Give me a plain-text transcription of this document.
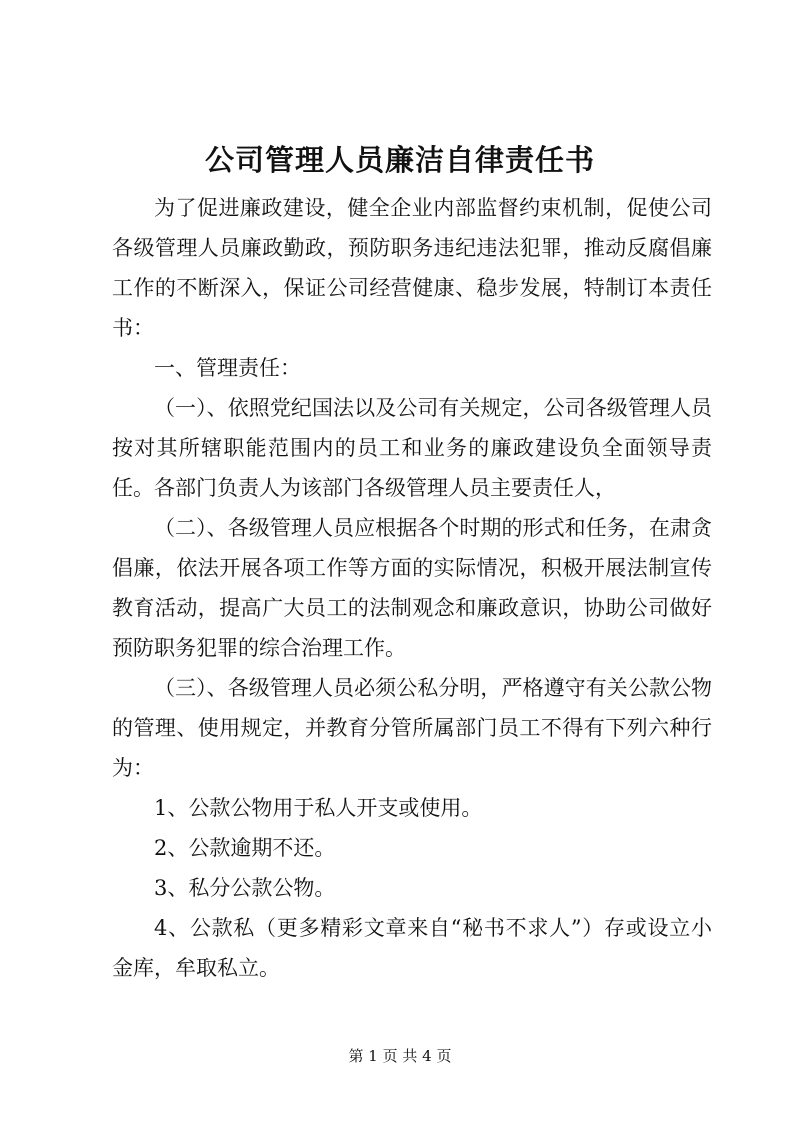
公司管理人员廉洁自律责任书

为了促进廉政建设，健全企业内部监督约束机制，促使公司各级管理人员廉政勤政，预防职务违纪违法犯罪，推动反腐倡廉工作的不断深入，保证公司经营健康、稳步发展，特制订本责任书：

一、管理责任：

（一）、依照党纪国法以及公司有关规定，公司各级管理人员按对其所辖职能范围内的员工和业务的廉政建设负全面领导责任。各部门负责人为该部门各级管理人员主要责任人，

（二）、各级管理人员应根据各个时期的形式和任务，在肃贪倡廉，依法开展各项工作等方面的实际情况，积极开展法制宣传教育活动，提高广大员工的法制观念和廉政意识，协助公司做好预防职务犯罪的综合治理工作。

（三）、各级管理人员必须公私分明，严格遵守有关公款公物的管理、使用规定，并教育分管所属部门员工不得有下列六种行为：

1、公款公物用于私人开支或使用。

2、公款逾期不还。

3、私分公款公物。

4、公款私（更多精彩文章来自“秘书不求人”）存或设立小金库，牟取私立。

第 1 页 共 4 页
